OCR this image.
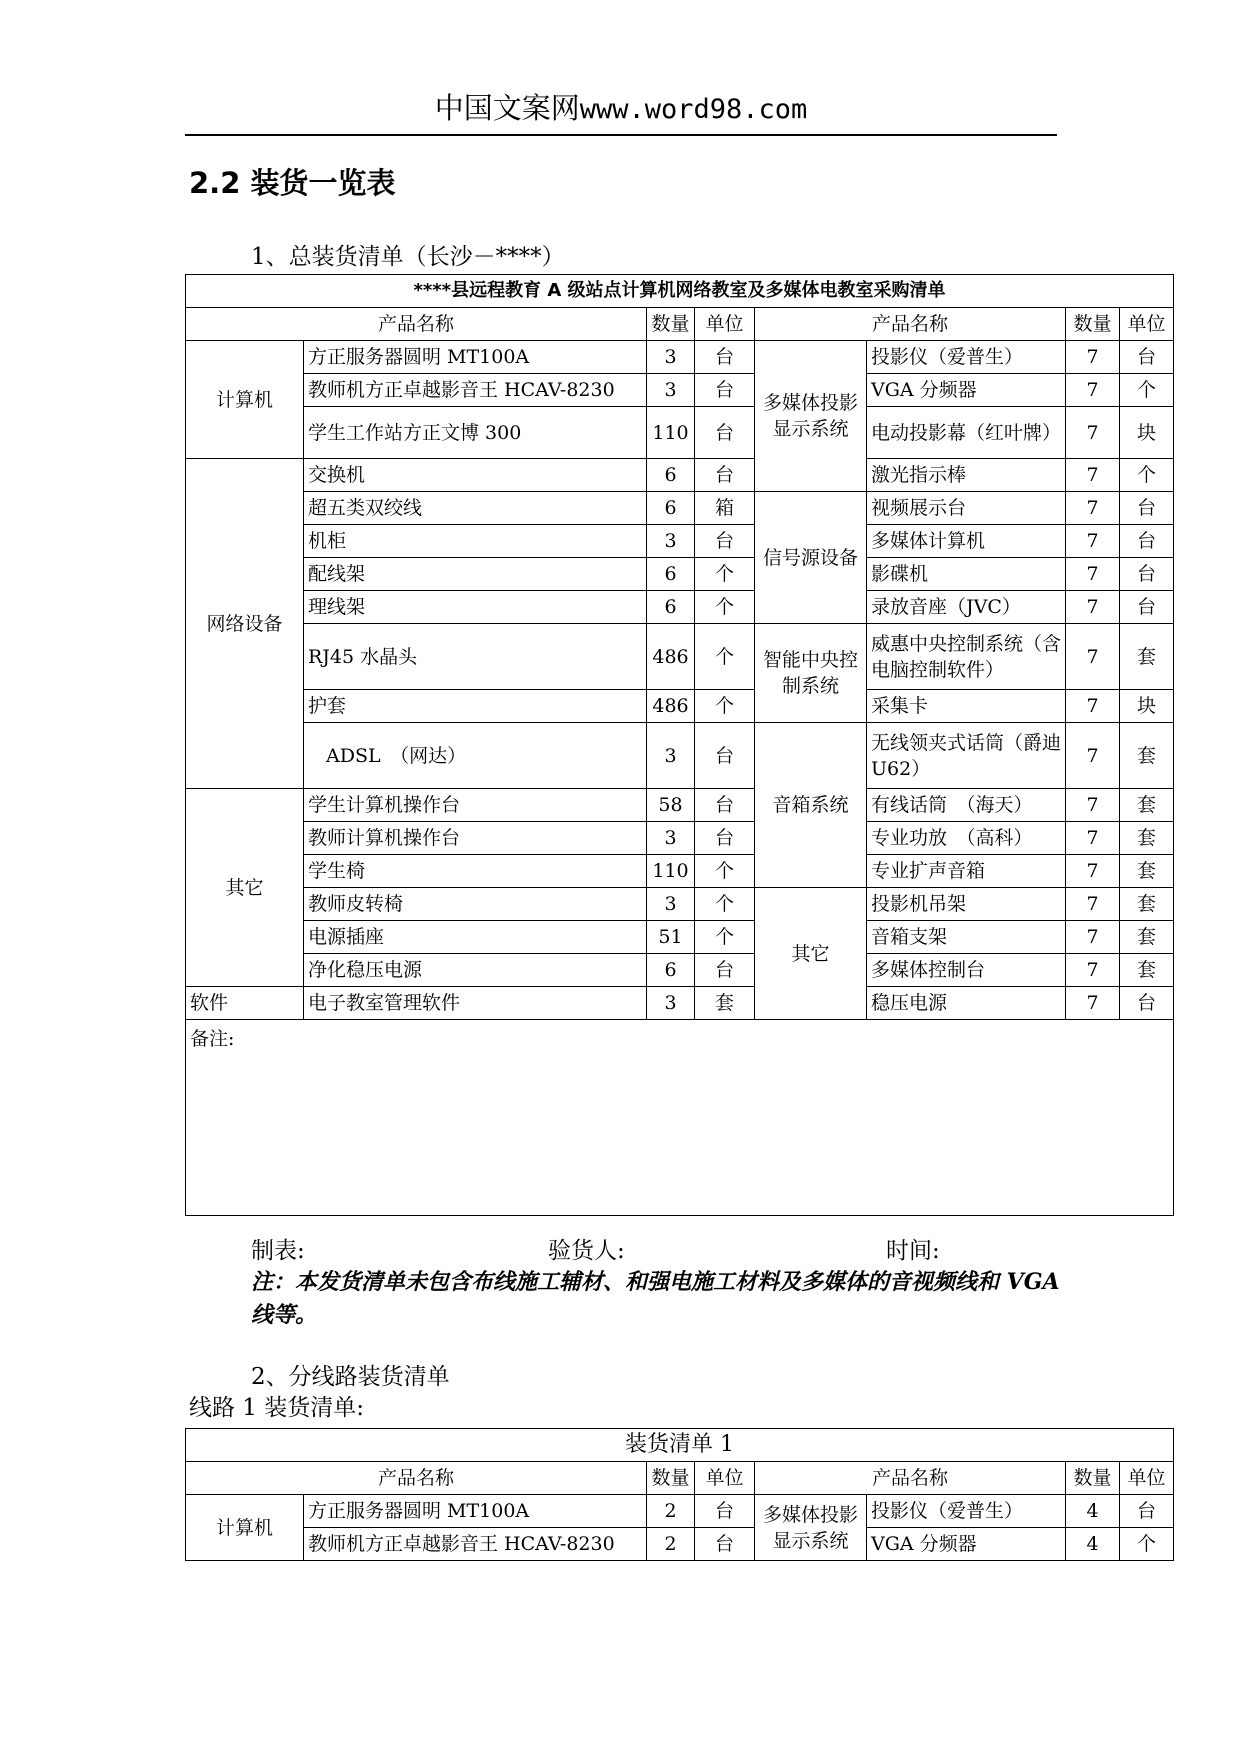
中国文案网www.word98.com
2.2 装货一览表

1、总装货清单（长沙－****）

****县远程教育 A 级站点计算机网络教室及多媒体电教室采购清单							
产品名称		数量	单位	产品名称		数量	单位
计算机	方正服务器圆明 MT100A	3	台	多媒体投影显示系统	投影仪（爱普生）	7	台
	教师机方正卓越影音王 HCAV-8230	3	台		VGA 分频器	7	个
	学生工作站方正文博 300	110	台		电动投影幕（红叶牌）	7	块
网络设备	交换机	6	台		激光指示棒	7	个
	超五类双绞线	6	箱	信号源设备	视频展示台	7	台
	机柜	3	台		多媒体计算机	7	台
	配线架	6	个		影碟机	7	台
	理线架	6	个		录放音座（JVC）	7	台
	RJ45 水晶头	486	个	智能中央控制系统	威惠中央控制系统（含电脑控制软件）	7	套
	护套	486	个		采集卡	7	块
	ADSL　（网达）	3	台	音箱系统	无线领夹式话筒（爵迪 U62）	7	套
其它	学生计算机操作台	58	台		有线话筒　（海天）	7	套
	教师计算机操作台	3	台		专业功放　（高科）	7	套
	学生椅	110	个		专业扩声音箱	7	套
	教师皮转椅	3	个	其它	投影机吊架	7	套
	电源插座	51	个		音箱支架	7	套
	净化稳压电源	6	台		多媒体控制台	7	套
软件	电子教室管理软件	3	套		稳压电源	7	台
备注:							
制表:	验货人:	时间:

注：本发货清单未包含布线施工辅材、和强电施工材料及多媒体的音视频线和 VGA 线等。

2、分线路装货清单

线路 1 装货清单:

装货清单 1							
产品名称		数量	单位	产品名称		数量	单位
计算机	方正服务器圆明 MT100A	2	台	多媒体投影显示系统	投影仪（爱普生）	4	台
	教师机方正卓越影音王 HCAV-8230	2	台		VGA 分频器	4	个
